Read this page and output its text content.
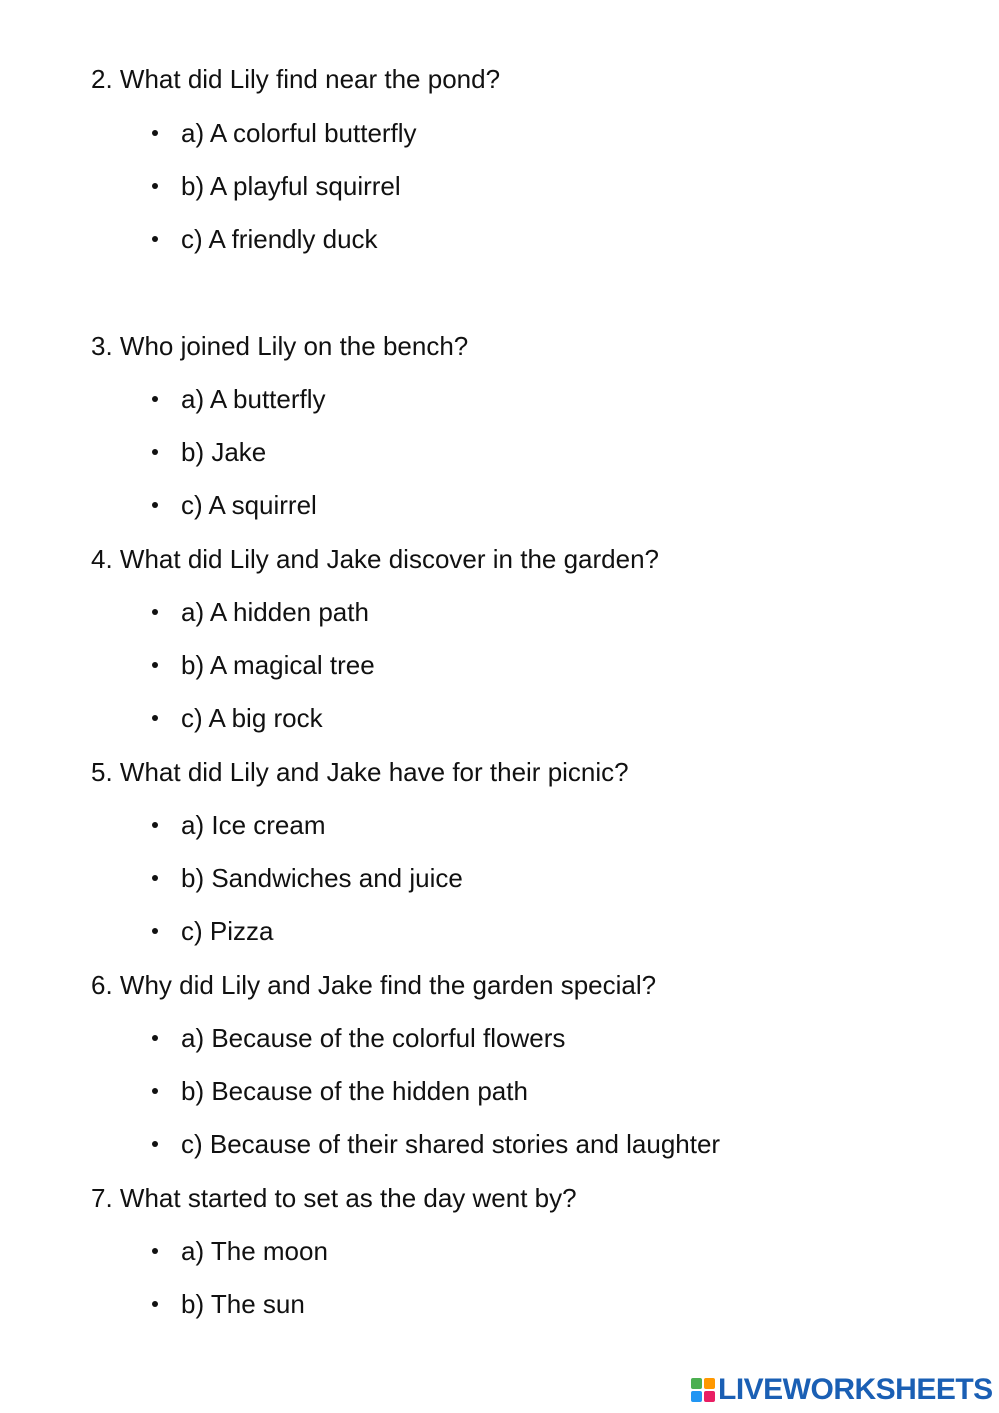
2. What did Lily find near the pond?
a) A colorful butterfly
b) A playful squirrel
c) A friendly duck
3. Who joined Lily on the bench?
a) A butterfly
b) Jake
c) A squirrel
4. What did Lily and Jake discover in the garden?
a) A hidden path
b) A magical tree
c) A big rock
5. What did Lily and Jake have for their picnic?
a) Ice cream
b) Sandwiches and juice
c) Pizza
6. Why did Lily and Jake find the garden special?
a) Because of the colorful flowers
b) Because of the hidden path
c) Because of their shared stories and laughter
7. What started to set as the day went by?
a) The moon
b) The sun
LIVEWORKSHEETS
